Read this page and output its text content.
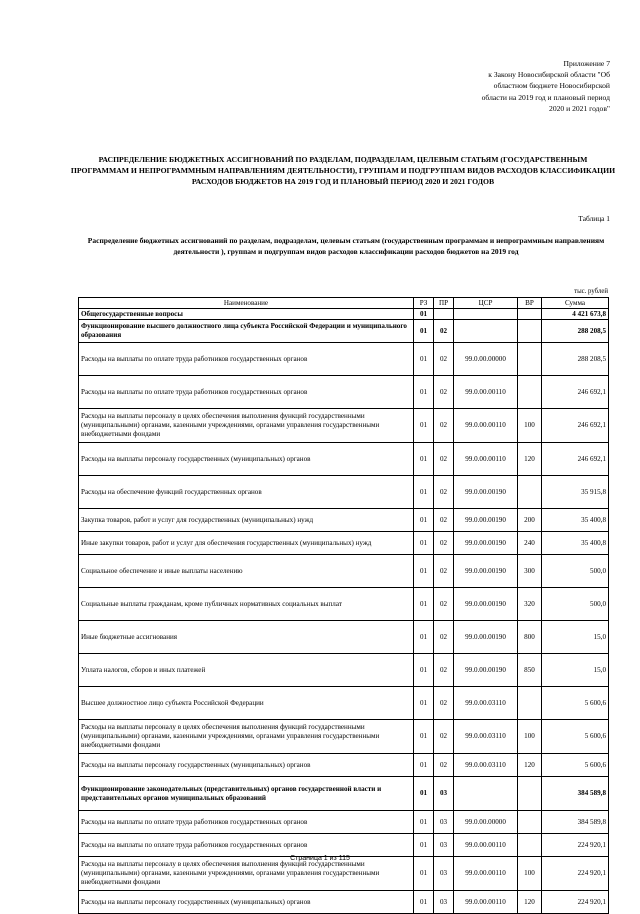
Приложение 7
к Закону Новосибирской области "Об
областном бюджете Новосибирской
области на 2019 год и плановый период
2020 и 2021 годов"
РАСПРЕДЕЛЕНИЕ БЮДЖЕТНЫХ АССИГНОВАНИЙ ПО РАЗДЕЛАМ, ПОДРАЗДЕЛАМ, ЦЕЛЕВЫМ СТАТЬЯМ (ГОСУДАРСТВЕННЫМ ПРОГРАММАМ И НЕПРОГРАММНЫМ НАПРАВЛЕНИЯМ ДЕЯТЕЛЬНОСТИ), ГРУППАМ И ПОДГРУППАМ ВИДОВ РАСХОДОВ КЛАССИФИКАЦИИ РАСХОДОВ БЮДЖЕТОВ НА 2019 ГОД И ПЛАНОВЫЙ ПЕРИОД 2020 И 2021 ГОДОВ
Таблица 1
Распределение бюджетных ассигнований по разделам, подразделам, целевым статьям (государственным программам и непрограммным направлениям деятельности ), группам и подгруппам видов расходов классификации расходов бюджетов на 2019 год
тыс. рублей
Наименование	РЗ	ПР	ЦСР	ВР	Сумма
Общегосударственные вопросы	01				4 421 673,8
Функционирование высшего должностного лица субъекта Российской Федерации и муниципального образования	01	02			288 208,5
Расходы на выплаты по оплате труда работников государственных органов	01	02	99.0.00.00000		288 208,5
Расходы на выплаты по оплате труда работников государственных органов	01	02	99.0.00.00110		246 692,1
Расходы на выплаты персоналу в целях обеспечения выполнения функций государственными (муниципальными) органами, казенными учреждениями, органами управления государственными внебюджетными фондами	01	02	99.0.00.00110	100	246 692,1
Расходы на выплаты персоналу государственных (муниципальных) органов	01	02	99.0.00.00110	120	246 692,1
Расходы на обеспечение функций государственных органов	01	02	99.0.00.00190		35 915,8
Закупка товаров, работ и услуг для государственных (муниципальных) нужд	01	02	99.0.00.00190	200	35 400,8
Иные закупки товаров, работ и услуг для обеспечения государственных (муниципальных) нужд	01	02	99.0.00.00190	240	35 400,8
Социальное обеспечение и иные выплаты населению	01	02	99.0.00.00190	300	500,0
Социальные выплаты гражданам, кроме публичных нормативных социальных выплат	01	02	99.0.00.00190	320	500,0
Иные бюджетные ассигнования	01	02	99.0.00.00190	800	15,0
Уплата налогов, сборов и иных платежей	01	02	99.0.00.00190	850	15,0
Высшее должностное лицо субъекта Российской Федерации	01	02	99.0.00.03110		5 600,6
Расходы на выплаты персоналу в целях обеспечения выполнения функций государственными (муниципальными) органами, казенными учреждениями, органами управления государственными внебюджетными фондами	01	02	99.0.00.03110	100	5 600,6
Расходы на выплаты персоналу государственных (муниципальных) органов	01	02	99.0.00.03110	120	5 600,6
Функционирование законодательных (представительных) органов государственной власти и представительных органов муниципальных образований	01	03			384 589,8
Расходы на выплаты по оплате труда работников государственных органов	01	03	99.0.00.00000		384 589,8
Расходы на выплаты по оплате труда работников государственных органов	01	03	99.0.00.00110		224 920,1
Расходы на выплаты персоналу в целях обеспечения выполнения функций государственными (муниципальными) органами, казенными учреждениями, органами управления государственными внебюджетными фондами	01	03	99.0.00.00110	100	224 920,1
Расходы на выплаты персоналу государственных (муниципальных) органов	01	03	99.0.00.00110	120	224 920,1
Страница 1 из 115
